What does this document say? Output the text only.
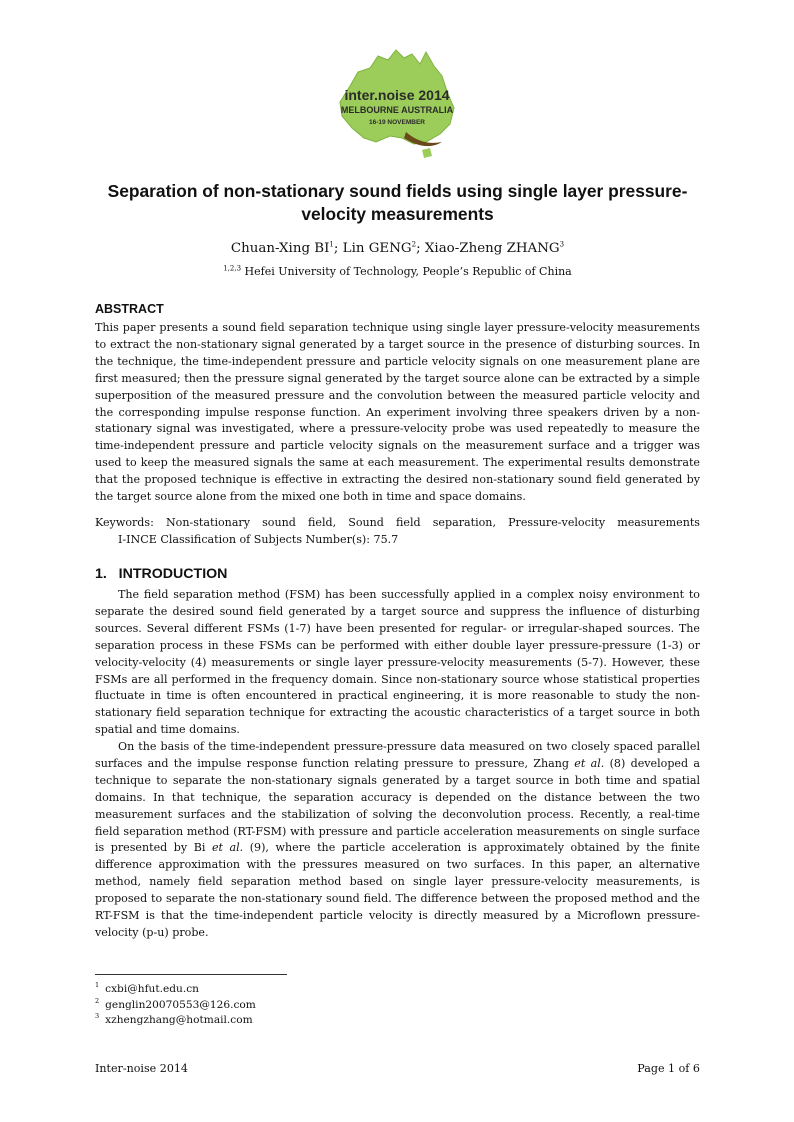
inter.noise 2014
MELBOURNE AUSTRALIA
16-19 NOVEMBER
Separation of non-stationary sound fields using single layer pressure-velocity measurements
Chuan-Xing $BI^1$; Lin GENG$^2$; Xiao-Zheng ZHANG$^3$
$^{1,2,3}$ Hefei University of Technology, People’s Republic of China
ABSTRACT
This paper presents a sound field separation technique using single layer pressure-velocity measurements to extract the non-stationary signal generated by a target source in the presence of disturbing sources. In the technique, the time-independent pressure and particle velocity signals on one measurement plane are first measured; then the pressure signal generated by the target source alone can be extracted by a simple superposition of the measured pressure and the convolution between the measured particle velocity and the corresponding impulse response function. An experiment involving three speakers driven by a non-stationary signal was investigated, where a pressure-velocity probe was used repeatedly to measure the time-independent pressure and particle velocity signals on the measurement surface and a trigger was used to keep the measured signals the same at each measurement. The experimental results demonstrate that the proposed technique is effective in extracting the desired non-stationary sound field generated by the target source alone from the mixed one both in time and space domains.
Keywords: Non-stationary sound field, Sound field separation, Pressure-velocity measurements
I-INCE Classification of Subjects Number(s): 75.7
1.   INTRODUCTION
The field separation method (FSM) has been successfully applied in a complex noisy environment to separate the desired sound field generated by a target source and suppress the influence of disturbing sources. Several different FSMs (1-7) have been presented for regular- or irregular-shaped sources. The separation process in these FSMs can be performed with either double layer pressure-pressure (1-3) or velocity-velocity (4) measurements or single layer pressure-velocity measurements (5-7). However, these FSMs are all performed in the frequency domain. Since non-stationary source whose statistical properties fluctuate in time is often encountered in practical engineering, it is more reasonable to study the non-stationary field separation technique for extracting the acoustic characteristics of a target source in both spatial and time domains.
On the basis of the time-independent pressure-pressure data measured on two closely spaced parallel surfaces and the impulse response function relating pressure to pressure, Zhang et al. (8) developed a technique to separate the non-stationary signals generated by a target source in both time and spatial domains. In that technique, the separation accuracy is depended on the distance between the two measurement surfaces and the stabilization of solving the deconvolution process. Recently, a real-time field separation method (RT-FSM) with pressure and particle acceleration measurements on single surface is presented by Bi et al. (9), where the particle acceleration is approximately obtained by the finite difference approximation with the pressures measured on two surfaces. In this paper, an alternative method, namely field separation method based on single layer pressure-velocity measurements, is proposed to separate the non-stationary sound field. The difference between the proposed method and the RT-FSM is that the time-independent particle velocity is directly measured by a Microflown pressure-velocity (p-u) probe.
$^1$ cxbi@hfut.edu.cn
$^2$ genglin20070553@126.com
$^3$ xzhengzhang@hotmail.com
Inter-noise 2014	Page 1 of 6
